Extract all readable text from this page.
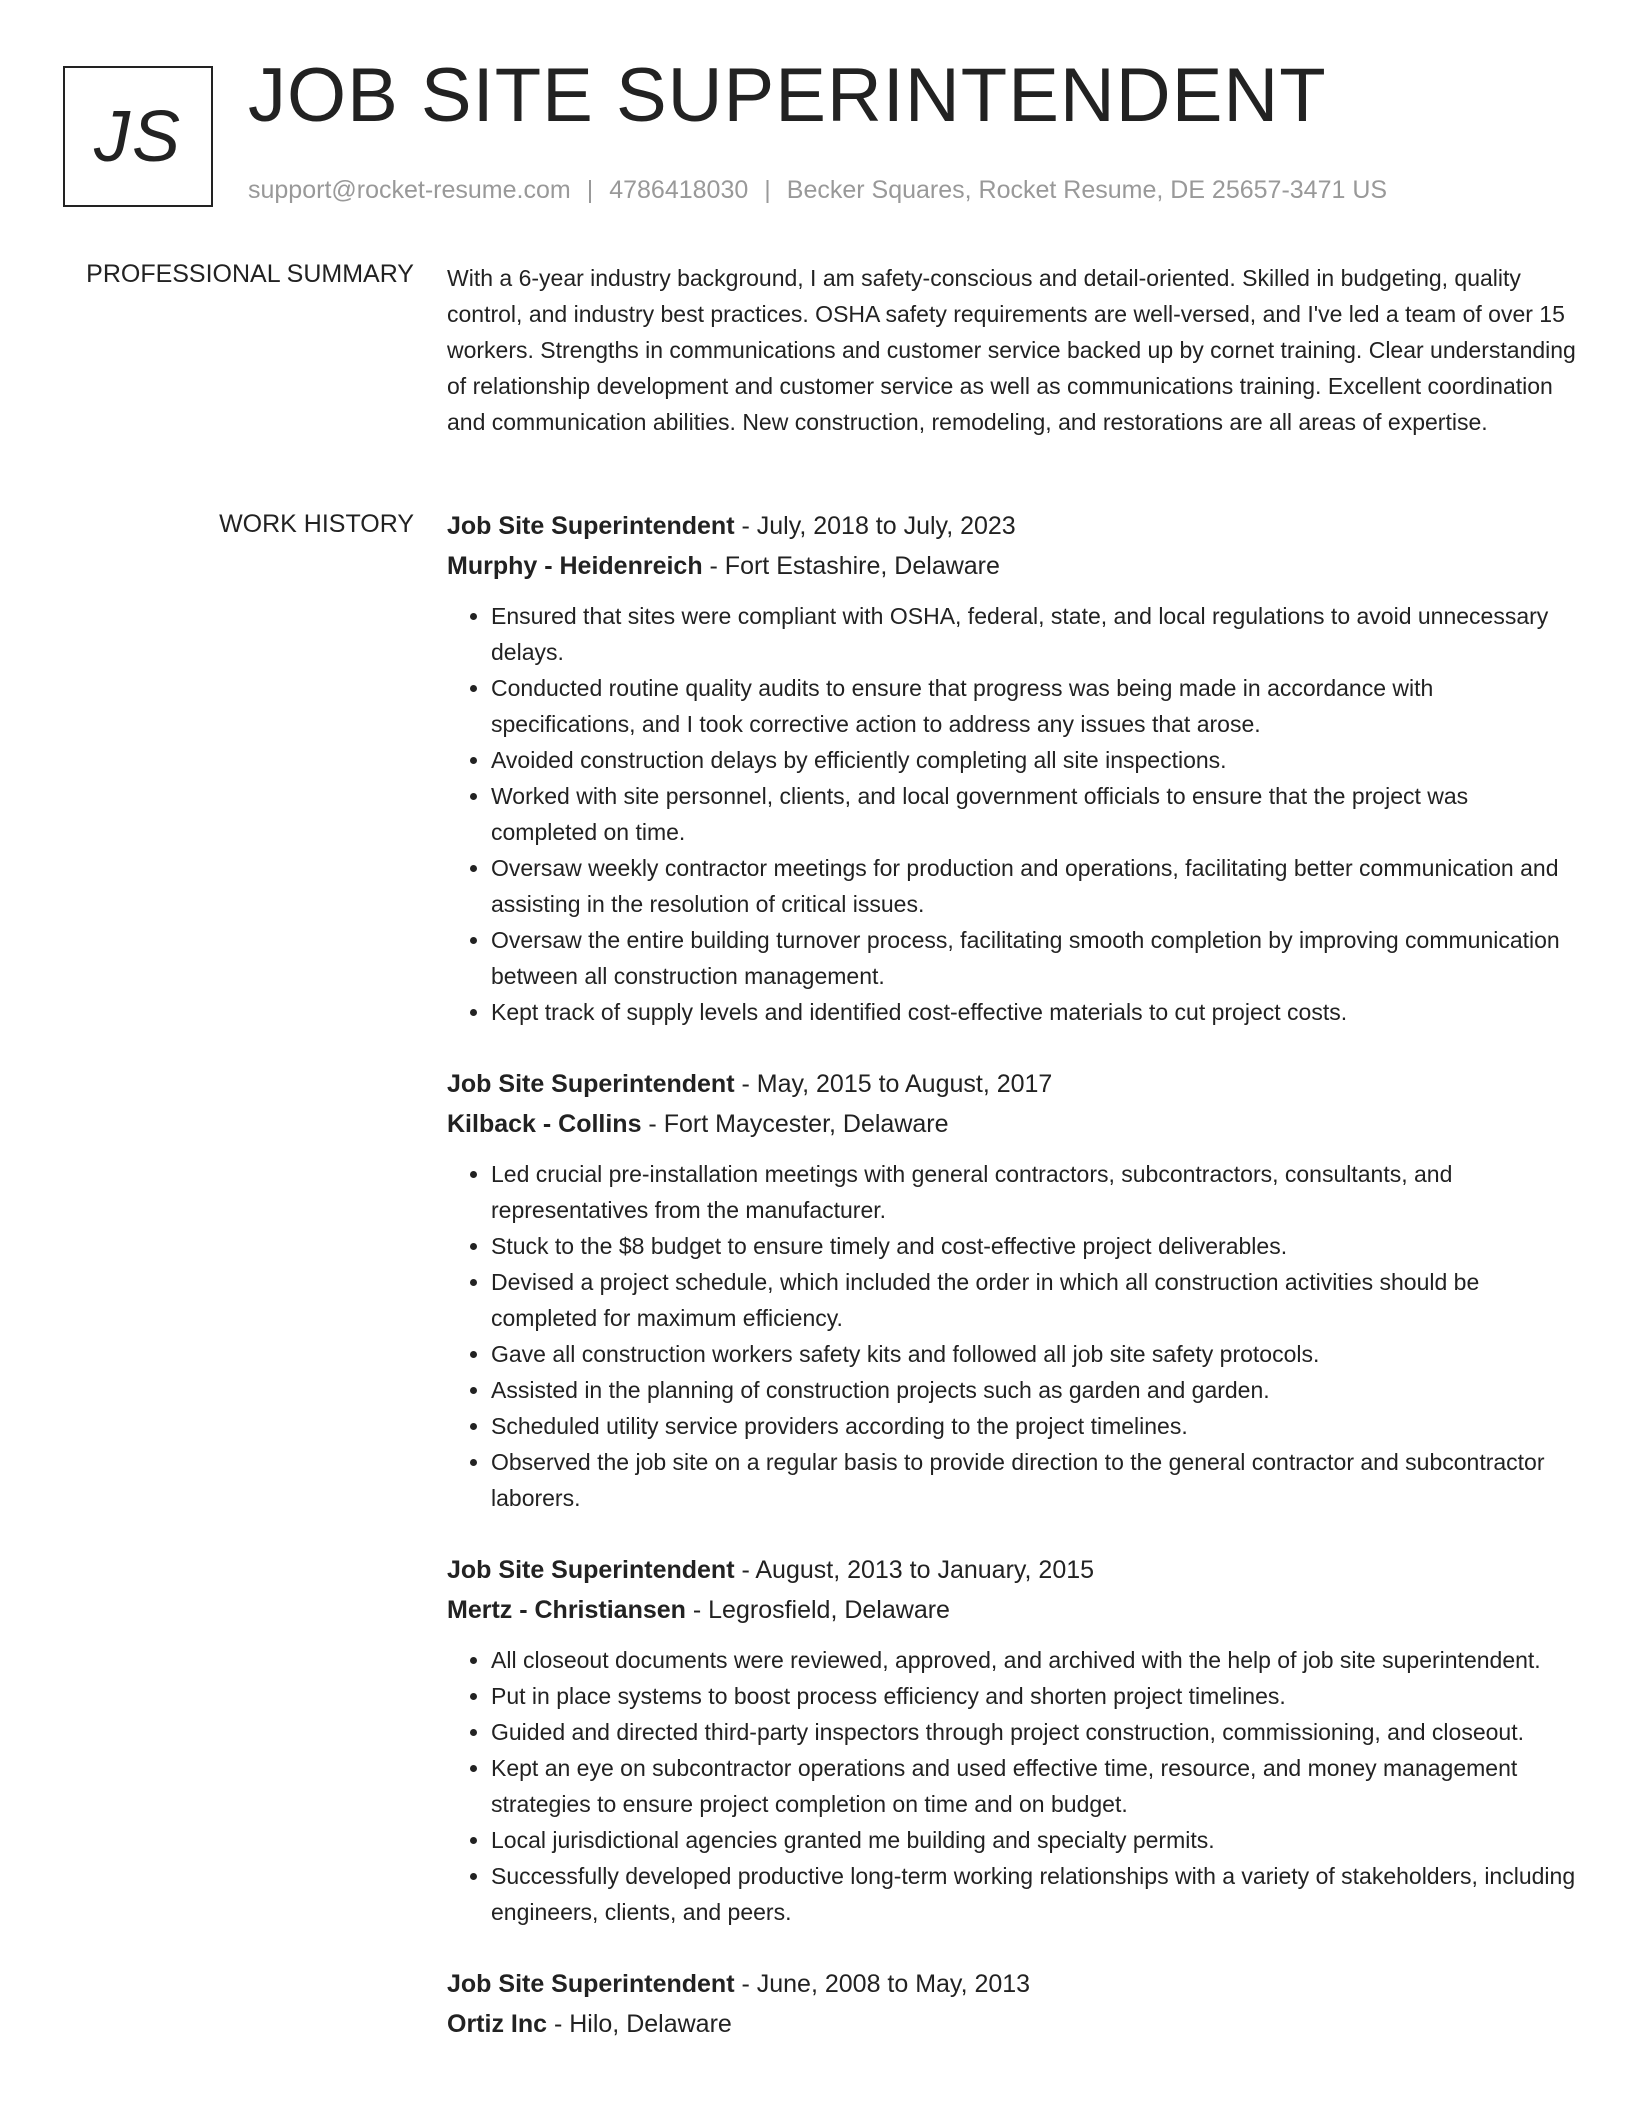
JS JOB SITE SUPERINTENDENT
support@rocket-resume.com | 4786418030 | Becker Squares, Rocket Resume, DE 25657-3471 US
PROFESSIONAL SUMMARY With a 6-year industry background, I am safety-conscious and detail-oriented. Skilled in budgeting, quality control, and industry best practices. OSHA safety requirements are well-versed, and I've led a team of over 15 workers. Strengths in communications and customer service backed up by cornet training. Clear understanding of relationship development and customer service as well as communications training. Excellent coordination and communication abilities. New construction, remodeling, and restorations are all areas of expertise.

WORK HISTORY Job Site Superintendent - July, 2018 to July, 2023
Murphy - Heidenreich - Fort Estashire, Delaware
• Ensured that sites were compliant with OSHA, federal, state, and local regulations to avoid unnecessary delays.
• Conducted routine quality audits to ensure that progress was being made in accordance with specifications, and I took corrective action to address any issues that arose.
• Avoided construction delays by efficiently completing all site inspections.
• Worked with site personnel, clients, and local government officials to ensure that the project was completed on time.
• Oversaw weekly contractor meetings for production and operations, facilitating better communication and assisting in the resolution of critical issues.
• Oversaw the entire building turnover process, facilitating smooth completion by improving communication between all construction management.
• Kept track of supply levels and identified cost-effective materials to cut project costs.
Job Site Superintendent - May, 2015 to August, 2017
Kilback - Collins - Fort Maycester, Delaware
• Led crucial pre-installation meetings with general contractors, subcontractors, consultants, and representatives from the manufacturer.
• Stuck to the $8 budget to ensure timely and cost-effective project deliverables.
• Devised a project schedule, which included the order in which all construction activities should be completed for maximum efficiency.
• Gave all construction workers safety kits and followed all job site safety protocols.
• Assisted in the planning of construction projects such as garden and garden.
• Scheduled utility service providers according to the project timelines.
• Observed the job site on a regular basis to provide direction to the general contractor and subcontractor laborers.
Job Site Superintendent - August, 2013 to January, 2015
Mertz - Christiansen - Legrosfield, Delaware
• All closeout documents were reviewed, approved, and archived with the help of job site superintendent.
• Put in place systems to boost process efficiency and shorten project timelines.
• Guided and directed third-party inspectors through project construction, commissioning, and closeout.
• Kept an eye on subcontractor operations and used effective time, resource, and money management strategies to ensure project completion on time and on budget.
• Local jurisdictional agencies granted me building and specialty permits.
• Successfully developed productive long-term working relationships with a variety of stakeholders, including engineers, clients, and peers.
Job Site Superintendent - June, 2008 to May, 2013
Ortiz Inc - Hilo, Delaware
